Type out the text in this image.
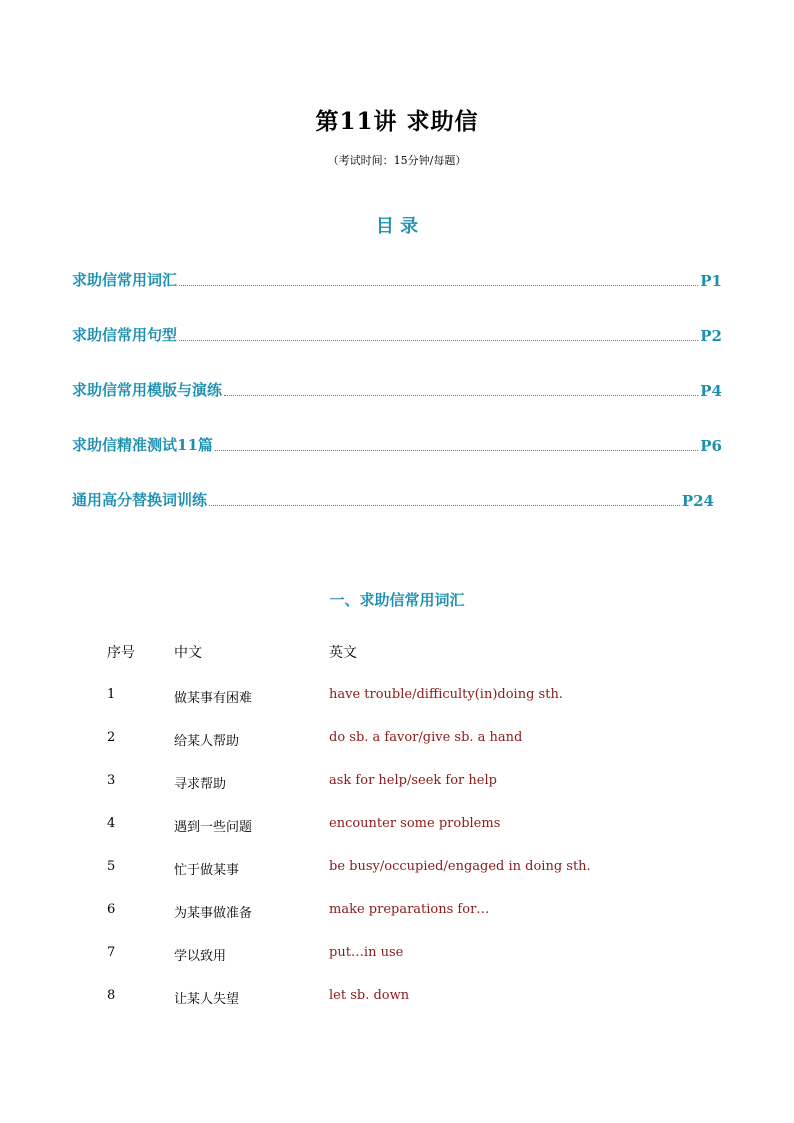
第11讲 求助信
（考试时间：15分钟/每题）
目 录
求助信常用词汇	P1
求助信常用句型	P2
求助信常用模版与演练	P4
求助信精准测试11篇	P6
通用高分替换词训练	P24
一、求助信常用词汇
序号	中文	英文
1	做某事有困难	have trouble/difficulty(in)doing sth.
2	给某人帮助	do sb. a favor/give sb. a hand
3	寻求帮助	ask for help/seek for help
4	遇到一些问题	encounter some problems
5	忙于做某事	be busy/occupied/engaged in doing sth.
6	为某事做准备	make preparations for…
7	学以致用	put…in use
8	让某人失望	let sb. down
